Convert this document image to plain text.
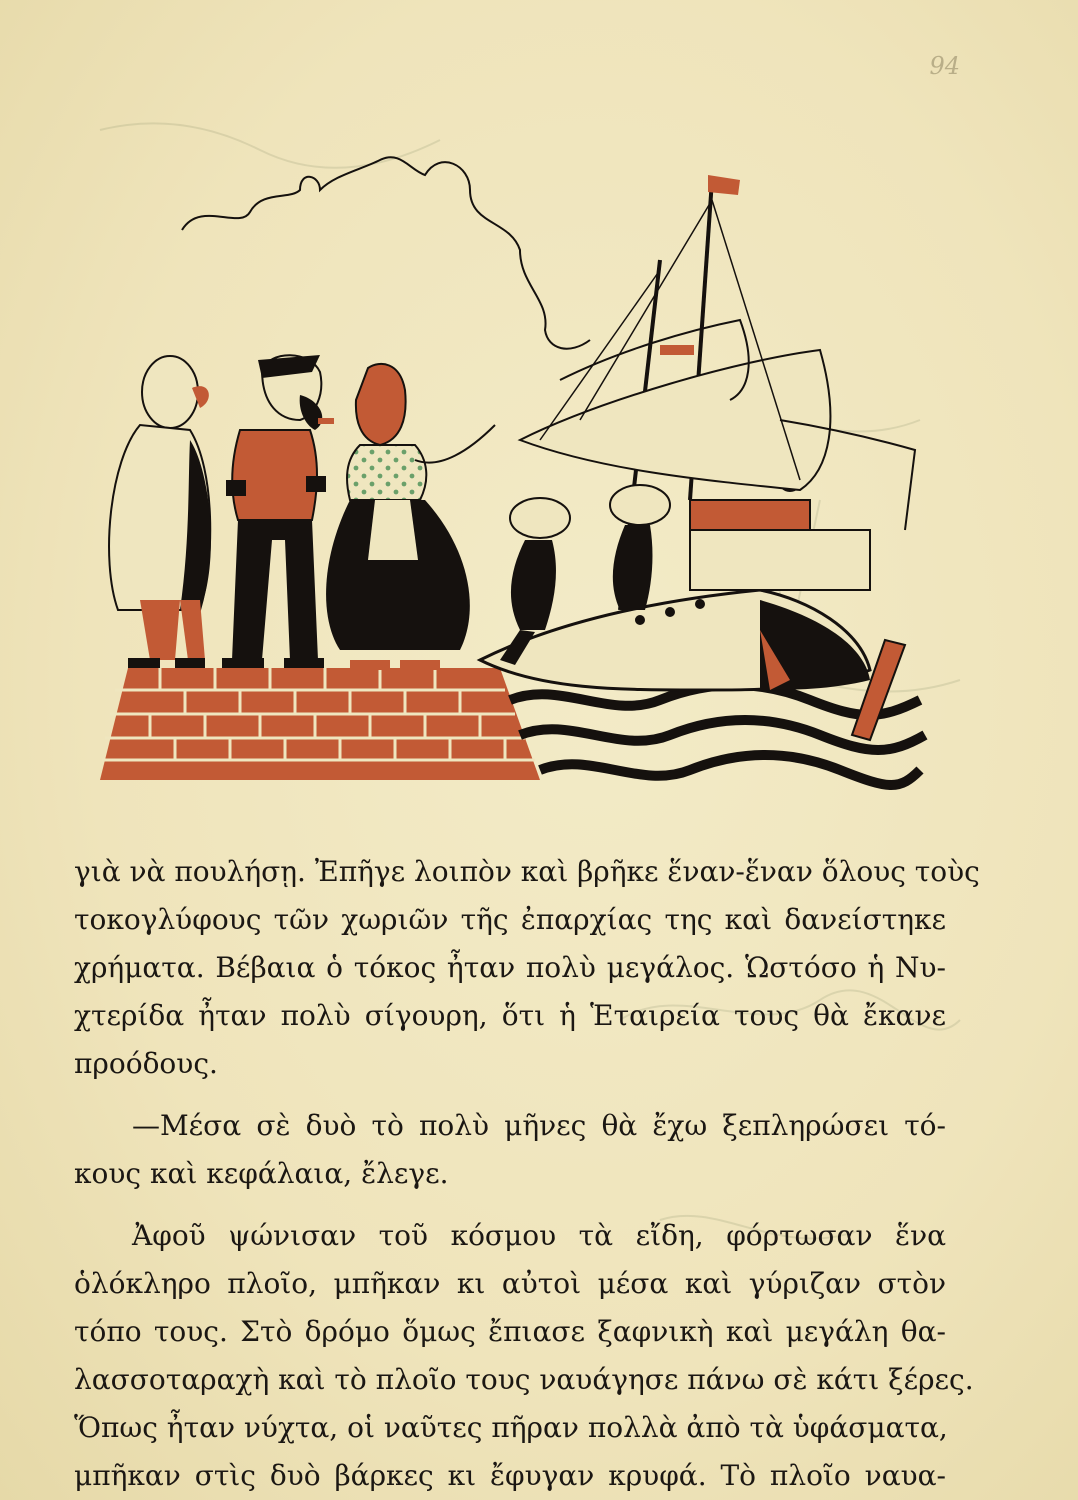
94
γιὰ νὰ πουλήσῃ. Ἐπῆγε λοιπὸν καὶ βρῆκε ἕναν-ἕναν ὅλους τοὺς
τοκογλύφους τῶν χωριῶν τῆς ἐπαρχίας της καὶ δανείστηκε
χρήματα. Βέβαια ὁ τόκος ἦταν πολὺ μεγάλος. Ὡστόσο ἡ Νυ-
χτερίδα ἦταν πολὺ σίγουρη, ὅτι ἡ Ἑταιρεία τους θὰ ἔκανε
προόδους.
—Μέσα σὲ δυὸ τὸ πολὺ μῆνες θὰ ἔχω ξεπληρώσει τό-
κους καὶ κεφάλαια, ἔλεγε.
Ἀφοῦ ψώνισαν τοῦ κόσμου τὰ εἴδη, φόρτωσαν ἕνα
ὁλόκληρο πλοῖο, μπῆκαν κι αὐτοὶ μέσα καὶ γύριζαν στὸν
τόπο τους. Στὸ δρόμο ὅμως ἔπιασε ξαφνικὴ καὶ μεγάλη θα-
λασσοταραχὴ καὶ τὸ πλοῖο τους ναυάγησε πάνω σὲ κάτι ξέρες.
Ὅπως ἦταν νύχτα, οἱ ναῦτες πῆραν πολλὰ ἀπὸ τὰ ὑφάσματα,
μπῆκαν στὶς δυὸ βάρκες κι ἔφυγαν κρυφά. Τὸ πλοῖο ναυα-
